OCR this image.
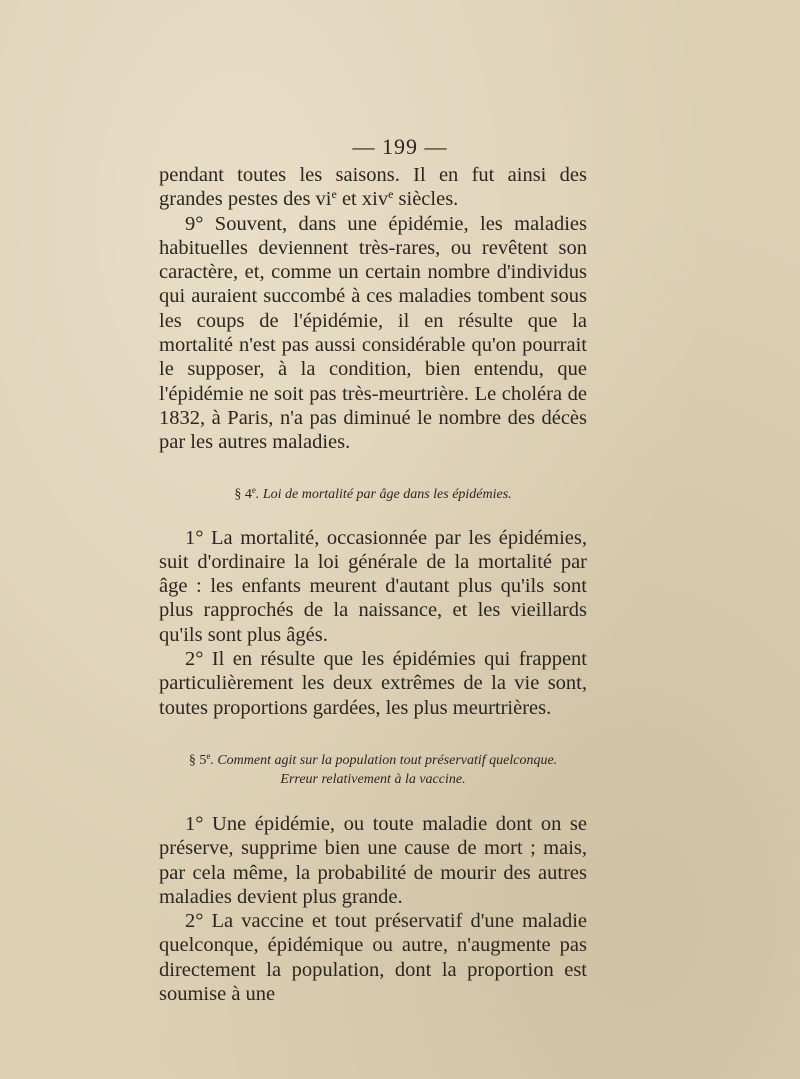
— 199 —

pendant toutes les saisons. Il en fut ainsi des grandes pestes des $vi^e$ et xiv$^e$ siècles.

9° Souvent, dans une épidémie, les maladies habituelles deviennent très-rares, ou revêtent son caractère, et, comme un certain nombre d'individus qui auraient succombé à ces maladies tombent sous les coups de l'épidémie, il en résulte que la mortalité n'est pas aussi considérable qu'on pourrait le supposer, à la condition, bien entendu, que l'épidémie ne soit pas très-meurtrière. Le choléra de 1832, à Paris, n'a pas diminué le nombre des décès par les autres maladies.

§ 4e. Loi de mortalité par âge dans les épidémies.

1° La mortalité, occasionnée par les épidémies, suit d'ordinaire la loi générale de la mortalité par âge : les enfants meurent d'autant plus qu'ils sont plus rapprochés de la naissance, et les vieillards qu'ils sont plus âgés.

2° Il en résulte que les épidémies qui frappent particulièrement les deux extrêmes de la vie sont, toutes proportions gardées, les plus meurtrières.

§ 5e. Comment agit sur la population tout préservatif quelconque.
Erreur relativement à la vaccine.

1° Une épidémie, ou toute maladie dont on se préserve, supprime bien une cause de mort ; mais, par cela même, la probabilité de mourir des autres maladies devient plus grande.

2° La vaccine et tout préservatif d'une maladie quelconque, épidémique ou autre, n'augmente pas directement la population, dont la proportion est soumise à une
